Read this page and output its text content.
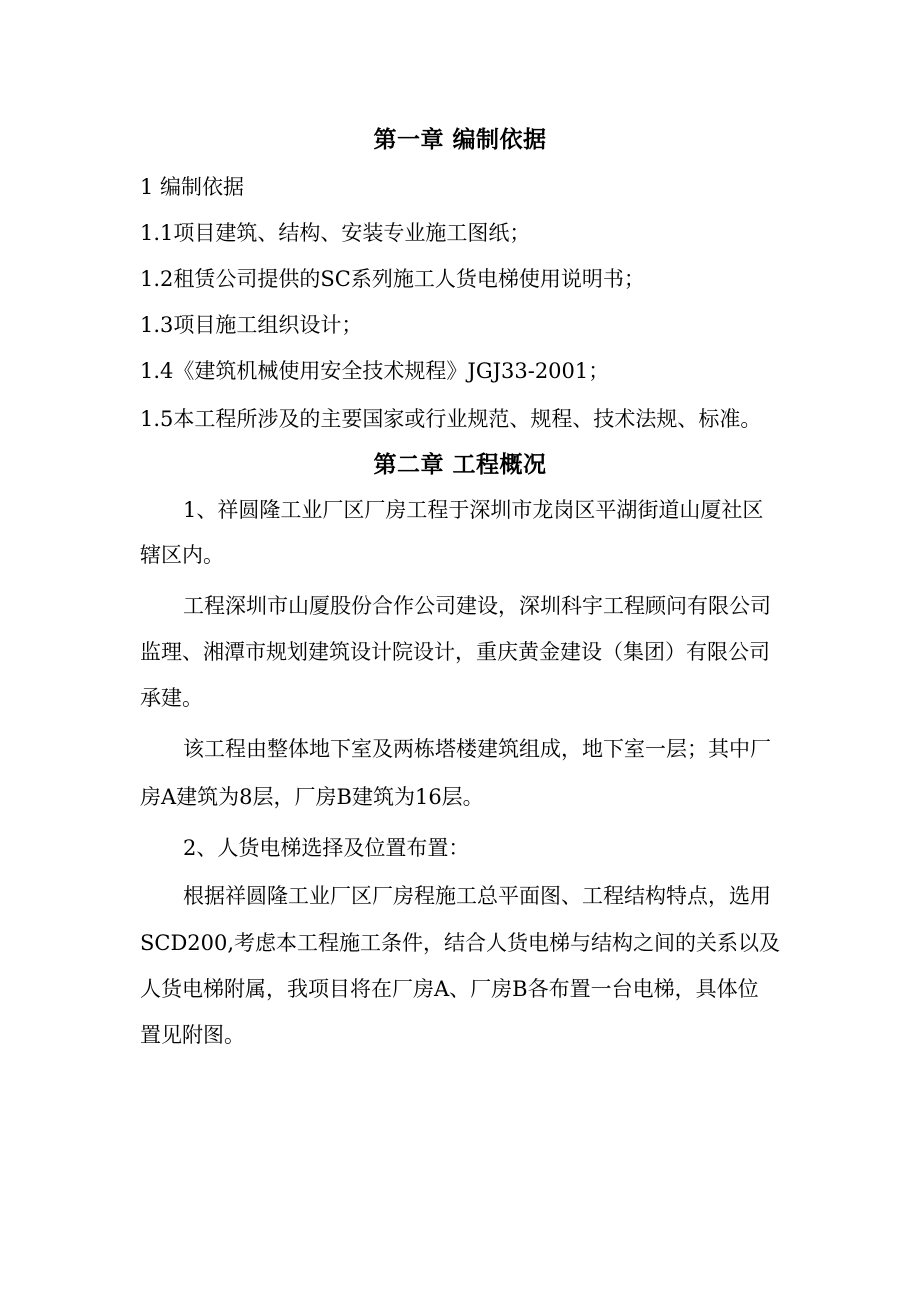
第一章 编制依据
1 编制依据
1.1项目建筑、结构、安装专业施工图纸；
1.2租赁公司提供的SC系列施工人货电梯使用说明书；
1.3项目施工组织设计；
1.4《建筑机械使用安全技术规程》JGJ33-2001；
1.5本工程所涉及的主要国家或行业规范、规程、技术法规、标准。
第二章 工程概况
1、祥圆隆工业厂区厂房工程于深圳市龙岗区平湖街道山厦社区
辖区内。
工程深圳市山厦股份合作公司建设，深圳科宇工程顾问有限公司
监理、湘潭市规划建筑设计院设计，重庆黄金建设（集团）有限公司
承建。
该工程由整体地下室及两栋塔楼建筑组成，地下室一层；其中厂
房A建筑为8层，厂房B建筑为16层。
2、人货电梯选择及位置布置：
根据祥圆隆工业厂区厂房程施工总平面图、工程结构特点，选用
SCD200,考虑本工程施工条件，结合人货电梯与结构之间的关系以及
人货电梯附属，我项目将在厂房A、厂房B各布置一台电梯，具体位
置见附图。
